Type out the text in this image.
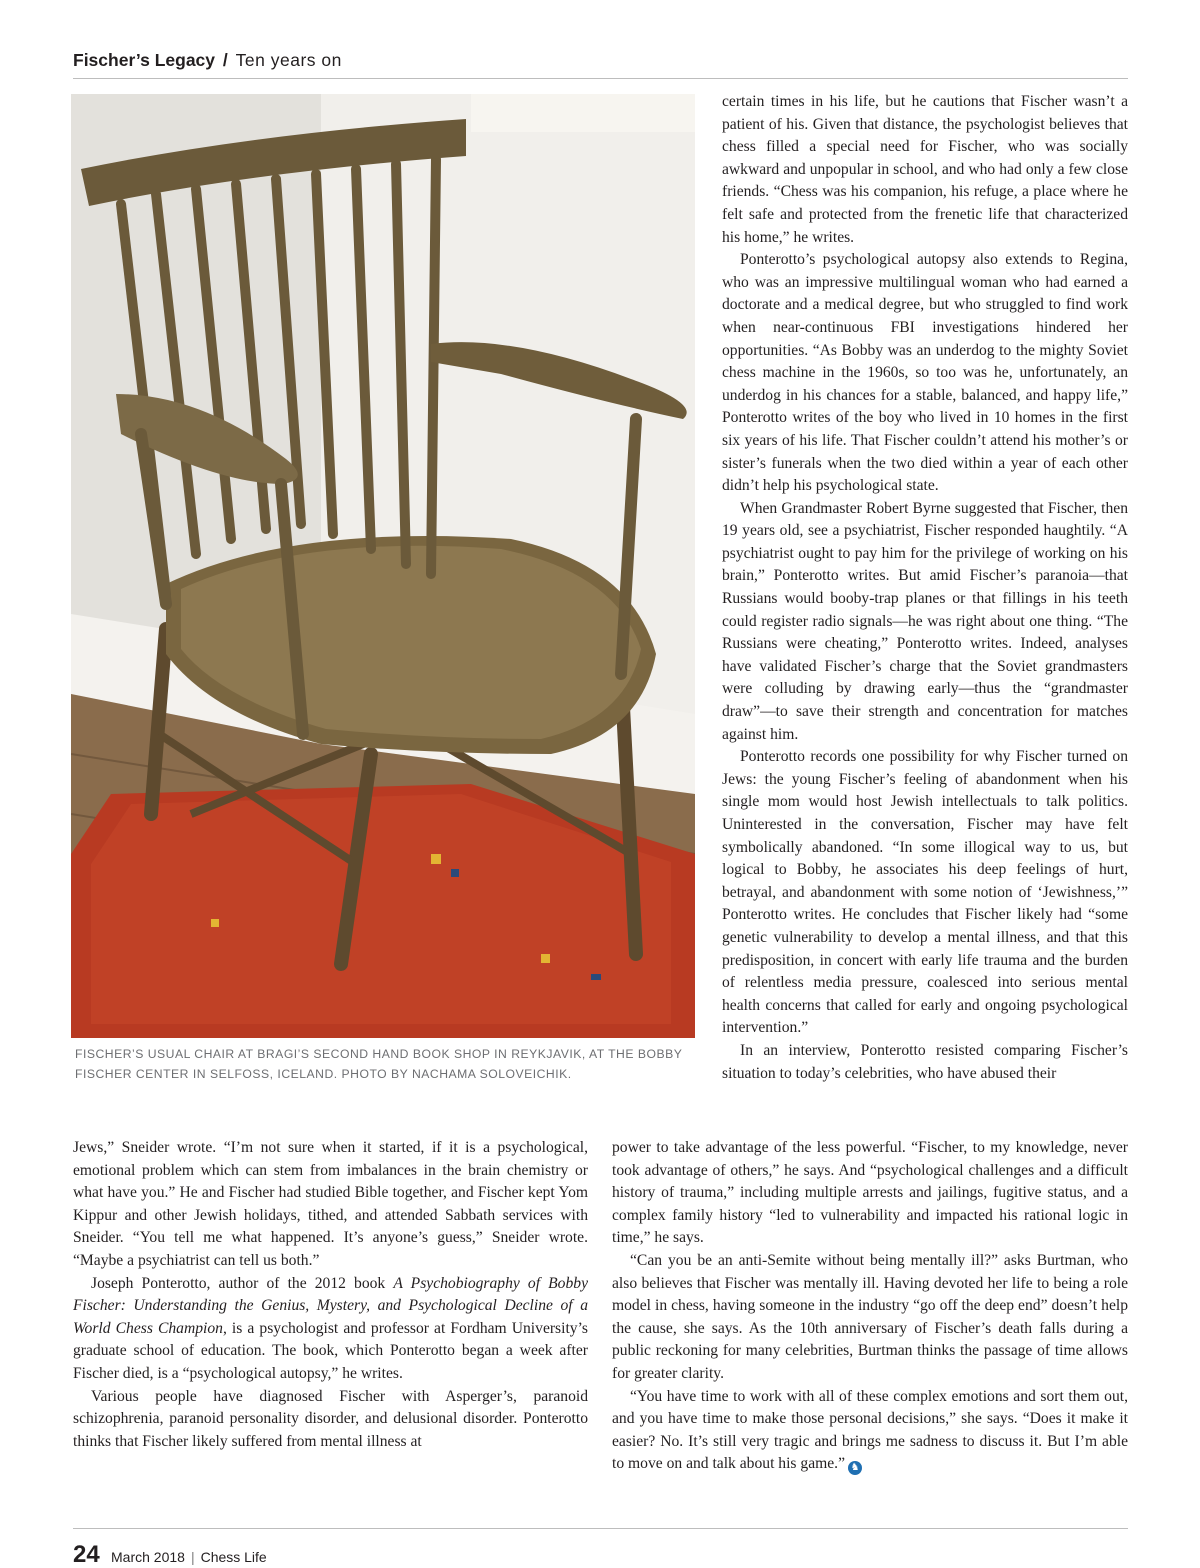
Fischer’s Legacy / Ten years on
FISCHER’S USUAL CHAIR AT BRAGI’S SECOND HAND BOOK SHOP IN REYKJAVIK, AT THE BOBBY FISCHER CENTER IN SELFOSS, ICELAND. PHOTO BY NACHAMA SOLOVEICHIK.

certain times in his life, but he cautions that Fischer wasn’t a patient of his. Given that distance, the psychologist believes that chess filled a special need for Fischer, who was socially awkward and unpopular in school, and who had only a few close friends. “Chess was his companion, his refuge, a place where he felt safe and protected from the frenetic life that characterized his home,” he writes.

Ponterotto’s psychological autopsy also extends to Regina, who was an impressive multilingual woman who had earned a doctorate and a medical degree, but who struggled to find work when near-continuous FBI investigations hindered her opportunities. “As Bobby was an underdog to the mighty Soviet chess machine in the 1960s, so too was he, unfortunately, an underdog in his chances for a stable, balanced, and happy life,” Ponterotto writes of the boy who lived in 10 homes in the first six years of his life. That Fischer couldn’t attend his mother’s or sister’s funerals when the two died within a year of each other didn’t help his psychological state.

When Grandmaster Robert Byrne suggested that Fischer, then 19 years old, see a psychiatrist, Fischer responded haughtily. “A psychiatrist ought to pay him for the privilege of working on his brain,” Ponterotto writes. But amid Fischer’s paranoia—that Russians would booby-trap planes or that fillings in his teeth could register radio signals—he was right about one thing. “The Russians were cheating,” Ponterotto writes. Indeed, analyses have validated Fischer’s charge that the Soviet grandmasters were colluding by drawing early—thus the “grandmaster draw”—to save their strength and concentration for matches against him.

Ponterotto records one possibility for why Fischer turned on Jews: the young Fischer’s feeling of abandonment when his single mom would host Jewish intellectuals to talk politics. Uninterested in the conversation, Fischer may have felt symbolically abandoned. “In some illogical way to us, but logical to Bobby, he associates his deep feelings of hurt, betrayal, and abandonment with some notion of ‘Jewishness,’” Ponterotto writes. He concludes that Fischer likely had “some genetic vulnerability to develop a mental illness, and that this predisposition, in concert with early life trauma and the burden of relentless media pressure, coalesced into serious mental health concerns that called for early and ongoing psychological intervention.”

In an interview, Ponterotto resisted comparing Fischer’s situation to today’s celebrities, who have abused their

power to take advantage of the less powerful. “Fischer, to my knowledge, never took advantage of others,” he says. And “psychological challenges and a difficult history of trauma,” including multiple arrests and jailings, fugitive status, and a complex family history “led to vulnerability and impacted his rational logic in time,” he says.

“Can you be an anti-Semite without being mentally ill?” asks Burtman, who also believes that Fischer was mentally ill. Having devoted her life to being a role model in chess, having someone in the industry “go off the deep end” doesn’t help the cause, she says. As the 10th anniversary of Fischer’s death falls during a public reckoning for many celebrities, Burtman thinks the passage of time allows for greater clarity.

“You have time to work with all of these complex emotions and sort them out, and you have time to make those personal decisions,” she says. “Does it make it easier? No. It’s still very tragic and brings me sadness to discuss it. But I’m able to move on and talk about his game.” ♞

Jews,” Sneider wrote. “I’m not sure when it started, if it is a psychological, emotional problem which can stem from imbalances in the brain chemistry or what have you.” He and Fischer had studied Bible together, and Fischer kept Yom Kippur and other Jewish holidays, tithed, and attended Sabbath services with Sneider. “You tell me what happened. It’s anyone’s guess,” Sneider wrote. “Maybe a psychiatrist can tell us both.”

Joseph Ponterotto, author of the 2012 book A Psychobiography of Bobby Fischer: Understanding the Genius, Mystery, and Psychological Decline of a World Chess Champion, is a psychologist and professor at Fordham University’s graduate school of education. The book, which Ponterotto began a week after Fischer died, is a “psychological autopsy,” he writes.

Various people have diagnosed Fischer with Asperger’s, paranoid schizophrenia, paranoid personality disorder, and delusional disorder. Ponterotto thinks that Fischer likely suffered from mental illness at

24 March 2018 | Chess Life
